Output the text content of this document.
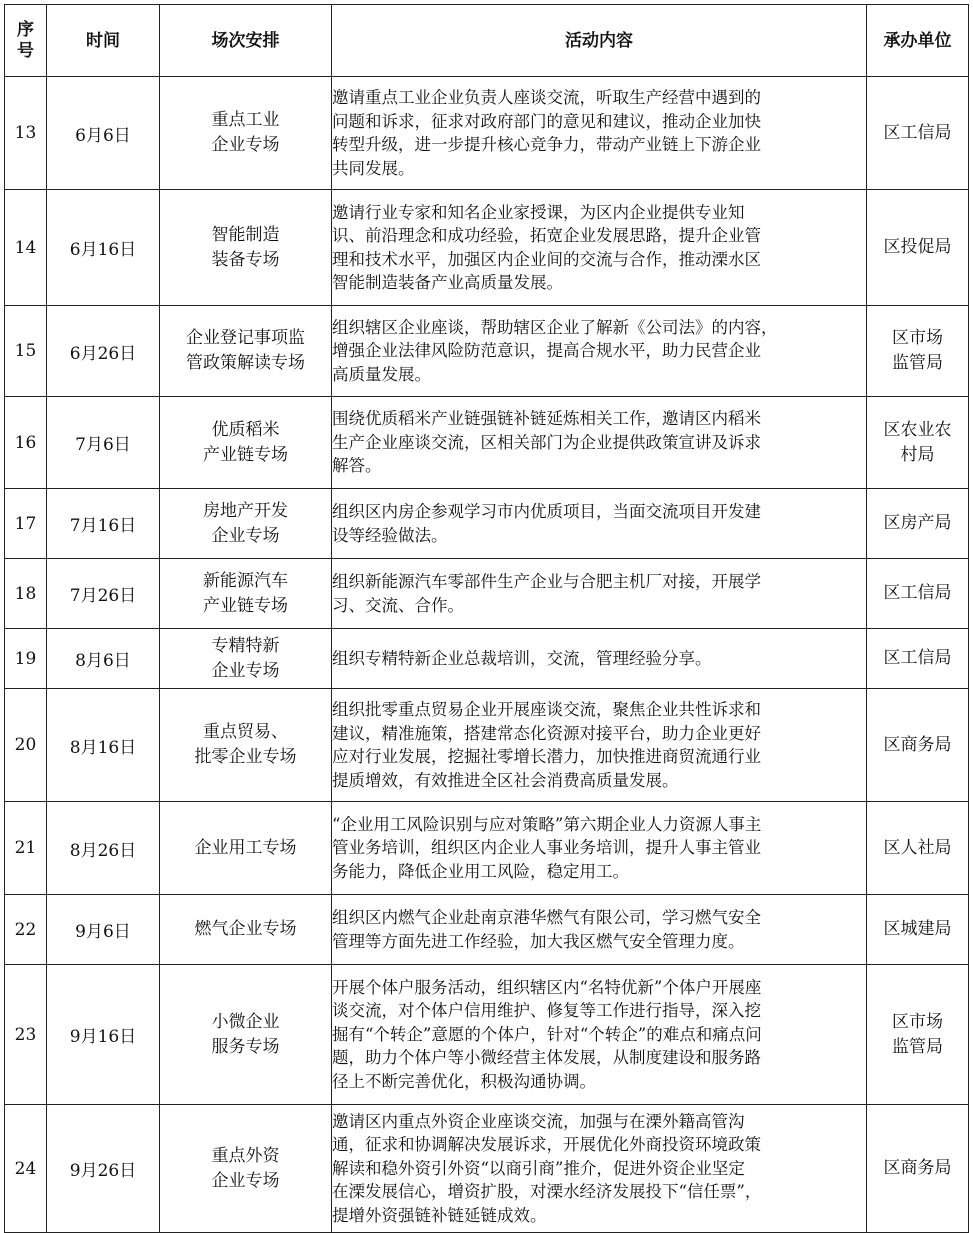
序
号	时间	场次安排	活动内容	承办单位
13	6月6日	重点工业
企业专场	邀请重点工业企业负责人座谈交流，听取生产经营中遇到的
问题和诉求，征求对政府部门的意见和建议，推动企业加快
转型升级，进一步提升核心竞争力，带动产业链上下游企业
共同发展。	区工信局

14	6月16日	智能制造
装备专场	邀请行业专家和知名企业家授课，为区内企业提供专业知
识、前沿理念和成功经验，拓宽企业发展思路，提升企业管
理和技术水平，加强区内企业间的交流与合作，推动溧水区
智能制造装备产业高质量发展。	区投促局

15	6月26日	企业登记事项监
管政策解读专场	组织辖区企业座谈，帮助辖区企业了解新《公司法》的内容，
增强企业法律风险防范意识，提高合规水平，助力民营企业
高质量发展。	区市场
监管局

16	7月6日	优质稻米
产业链专场	围绕优质稻米产业链强链补链延炼相关工作，邀请区内稻米
生产企业座谈交流，区相关部门为企业提供政策宣讲及诉求
解答。	区农业农
村局

17	7月16日	房地产开发
企业专场	组织区内房企参观学习市内优质项目，当面交流项目开发建
设等经验做法。	区房产局

18	7月26日	新能源汽车
产业链专场	组织新能源汽车零部件生产企业与合肥主机厂对接，开展学
习、交流、合作。	区工信局

19	8月6日	专精特新
企业专场	组织专精特新企业总裁培训，交流，管理经验分享。	区工信局

20	8月16日	重点贸易、
批零企业专场	组织批零重点贸易企业开展座谈交流，聚焦企业共性诉求和
建议，精准施策，搭建常态化资源对接平台，助力企业更好
应对行业发展，挖掘社零增长潜力，加快推进商贸流通行业
提质增效，有效推进全区社会消费高质量发展。	区商务局

21	8月26日	企业用工专场	“企业用工风险识别与应对策略”第六期企业人力资源人事主
管业务培训，组织区内企业人事业务培训，提升人事主管业
务能力，降低企业用工风险，稳定用工。	区人社局

22	9月6日	燃气企业专场	组织区内燃气企业赴南京港华燃气有限公司，学习燃气安全
管理等方面先进工作经验，加大我区燃气安全管理力度。	区城建局

23	9月16日	小微企业
服务专场	开展个体户服务活动，组织辖区内“名特优新”个体户开展座
谈交流，对个体户信用维护、修复等工作进行指导，深入挖
掘有“个转企”意愿的个体户，针对“个转企”的难点和痛点问
题，助力个体户等小微经营主体发展，从制度建设和服务路
径上不断完善优化，积极沟通协调。	区市场
监管局

24	9月26日	重点外资
企业专场	邀请区内重点外资企业座谈交流，加强与在溧外籍高管沟
通，征求和协调解决发展诉求，开展优化外商投资环境政策
解读和稳外资引外资“以商引商”推介，促进外资企业坚定
在溧发展信心，增资扩股，对溧水经济发展投下“信任票”，
提增外资强链补链延链成效。	区商务局
